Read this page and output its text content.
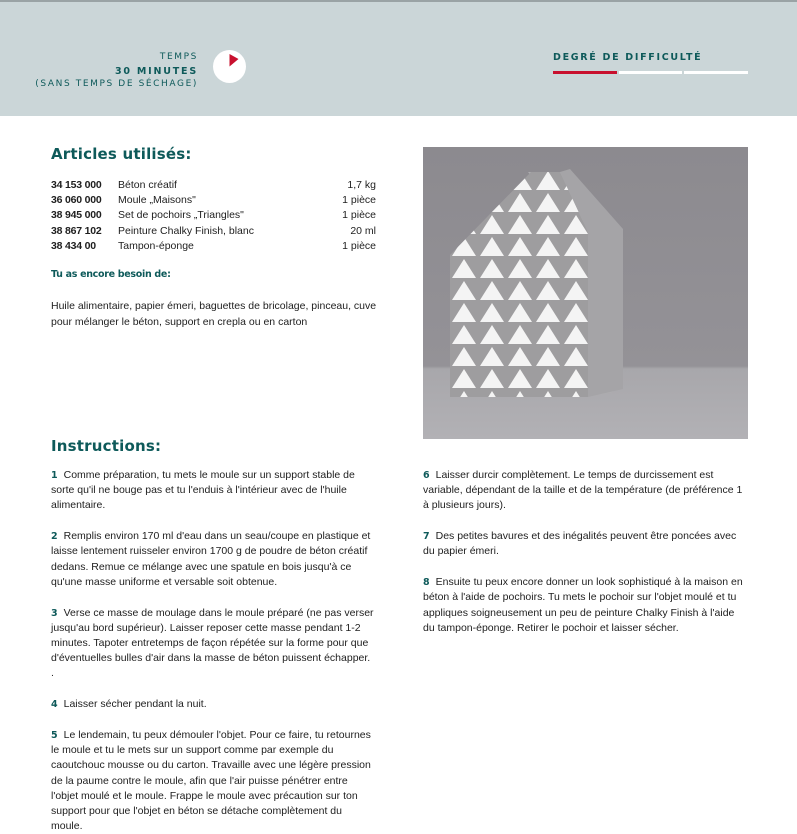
TEMPS
30 MINUTES
(SANS TEMPS DE SÉCHAGE)
DEGRÉ DE DIFFICULTÉ
Articles utilisés:
34 153 000	Béton créatif	1,7 kg
36 060 000	Moule „Maisons"	1 pièce
38 945 000	Set de pochoirs „Triangles"	1 pièce
38 867 102	Peinture Chalky Finish, blanc	20 ml
38 434 00	Tampon-éponge	1 pièce
Tu as encore besoin de:
Huile alimentaire, papier émeri, baguettes de bricolage, pinceau, cuve pour mélanger le béton, support en crepla ou en carton
Instructions:

1 Comme préparation, tu mets le moule sur un support stable de sorte qu'il ne bouge pas et tu l'enduis à l'intérieur avec de l'huile alimentaire.

2 Remplis environ 170 ml d'eau dans un seau/coupe en plastique et laisse lentement ruisseler environ 1700 g de poudre de béton créatif dedans. Remue ce mélange avec une spatule en bois jusqu'à ce qu'une masse uniforme et versable soit obtenue.

3 Verse ce masse de moulage dans le moule préparé (ne pas verser jusqu'au bord supérieur). Laisser reposer cette masse pendant 1-2 minutes. Tapoter entretemps de façon répétée sur la forme pour que d'éventuelles bulles d'air dans la masse de béton puissent échapper. .

4 Laisser sécher pendant la nuit.

5 Le lendemain, tu peux démouler l'objet. Pour ce faire, tu retournes le moule et tu le mets sur un support comme par exemple du caoutchouc mousse ou du carton. Travaille avec une légère pression de la paume contre le moule, afin que l'air puisse pénétrer entre l'objet moulé et le moule. Frappe le moule avec précaution sur ton support pour que l'objet en béton se détache complètement du moule.

6 Laisser durcir complètement. Le temps de durcissement est variable, dépendant de la taille et de la température (de préférence 1 à plusieurs jours).

7 Des petites bavures et des inégalités peuvent être poncées avec du papier émeri.

8 Ensuite tu peux encore donner un look sophistiqué à la maison en béton à l'aide de pochoirs. Tu mets le pochoir sur l'objet moulé et tu appliques soigneusement un peu de peinture Chalky Finish à l'aide du tampon-éponge. Retirer le pochoir et laisser sécher.
